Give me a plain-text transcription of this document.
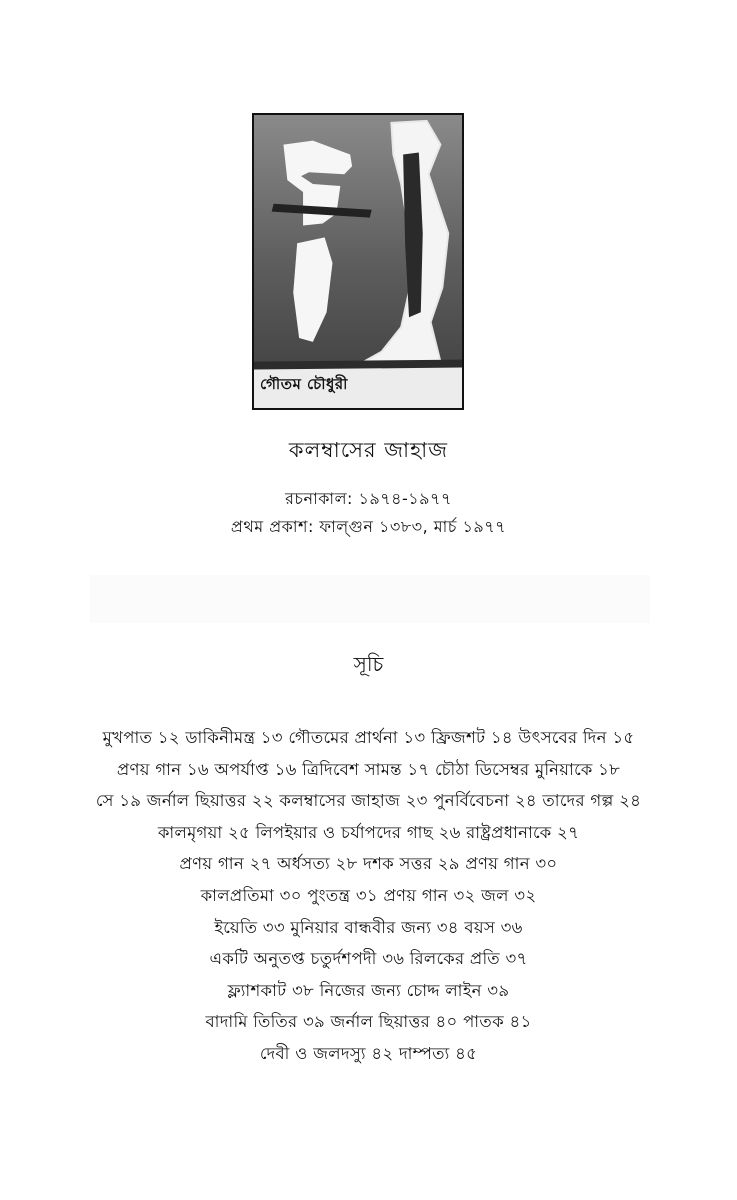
গৌতম চৌধুরী
কলম্বাসের জাহাজ
রচনাকাল: ১৯৭৪-১৯৭৭
প্রথম প্রকাশ: ফাল্গুন ১৩৮৩, মার্চ ১৯৭৭
সূচি
মুখপাত ১২ ডাকিনীমন্ত্র ১৩ গৌতমের প্রার্থনা ১৩ ফ্রিজশট ১৪ উৎসবের দিন ১৫
প্রণয় গান ১৬ অপর্যাপ্ত ১৬ ত্রিদিবেশ সামন্ত ১৭ চৌঠা ডিসেম্বর মুনিয়াকে ১৮
সে ১৯ জর্নাল ছিয়াত্তর ২২ কলম্বাসের জাহাজ ২৩ পুনর্বিবেচনা ২৪ তাদের গল্প ২৪
কালমৃগয়া ২৫ লিপইয়ার ও চর্যাপদের গাছ ২৬ রাষ্ট্রপ্রধানাকে ২৭
প্রণয় গান ২৭ অর্ধসত্য ২৮ দশক সত্তর ২৯ প্রণয় গান ৩০
কালপ্রতিমা ৩০ পুংতন্ত্র ৩১ প্রণয় গান ৩২ জল ৩২
ইয়েতি ৩৩ মুনিয়ার বান্ধবীর জন্য ৩৪ বয়স ৩৬
একটি অনুতপ্ত চতুর্দশপদী ৩৬ রিলকের প্রতি ৩৭
ফ্ল্যাশকাট ৩৮ নিজের জন্য চোদ্দ লাইন ৩৯
বাদামি তিতির ৩৯ জর্নাল ছিয়াত্তর ৪০ পাতক ৪১
দেবী ও জলদস্যু ৪২ দাম্পত্য ৪৫
